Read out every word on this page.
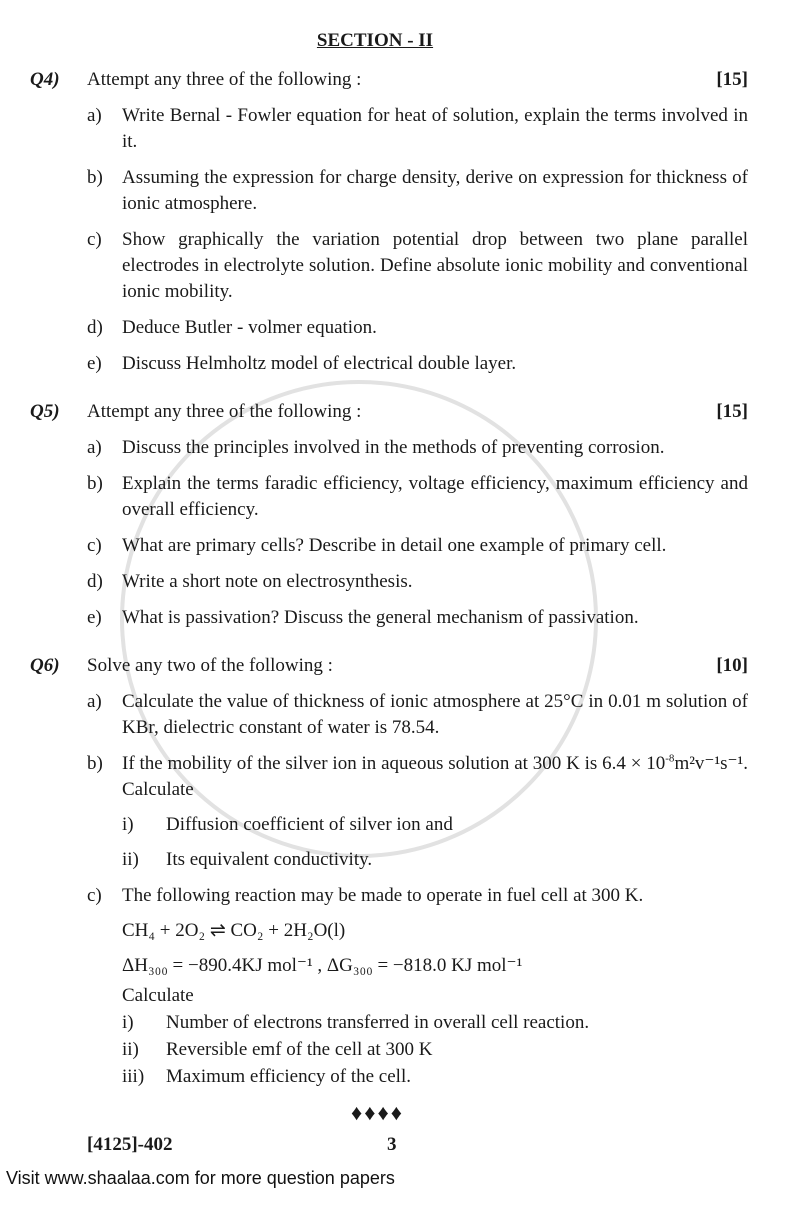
SECTION - II
Q4)	Attempt any three of the following :	[15]
a)	Write Bernal - Fowler equation for heat of solution, explain the terms involved in it.
b)	Assuming the expression for charge density, derive on expression for thickness of ionic atmosphere.
c)	Show graphically the variation potential drop between two plane parallel electrodes in electrolyte solution. Define absolute ionic mobility and conventional ionic mobility.
d)	Deduce Butler - volmer equation.
e)	Discuss Helmholtz model of electrical double layer.
Q5)	Attempt any three of the following :	[15]
a)	Discuss the principles involved in the methods of preventing corrosion.
b)	Explain the terms faradic efficiency, voltage efficiency, maximum efficiency and overall efficiency.
c)	What are primary cells? Describe in detail one example of primary cell.
d)	Write a short note on electrosynthesis.
e)	What is passivation? Discuss the general mechanism of passivation.
Q6)	Solve any two of the following :	[10]
a)	Calculate the value of thickness of ionic atmosphere at 25°C in 0.01 m solution of KBr, dielectric constant of water is 78.54.
b)	If the mobility of the silver ion in aqueous solution at 300 K is $6.4 \times 10^{-8}m^2v^{-1}s^{-1}$. Calculate
i)	Diffusion coefficient of silver ion and
ii)	Its equivalent conductivity.
c)	The following reaction may be made to operate in fuel cell at 300 K.
CH₄ + 2O₂ ⇌ CO₂ + 2H₂O(l)
ΔH₃₀₀ = −890.4KJ mol⁻¹ , ΔG₃₀₀ = −818.0 KJ mol⁻¹
Calculate
i)	Number of electrons transferred in overall cell reaction.
ii)	Reversible emf of the cell at 300 K
iii)	Maximum efficiency of the cell.
♦♦♦♦
[4125]-402	3
Visit www.shaalaa.com for more question papers
